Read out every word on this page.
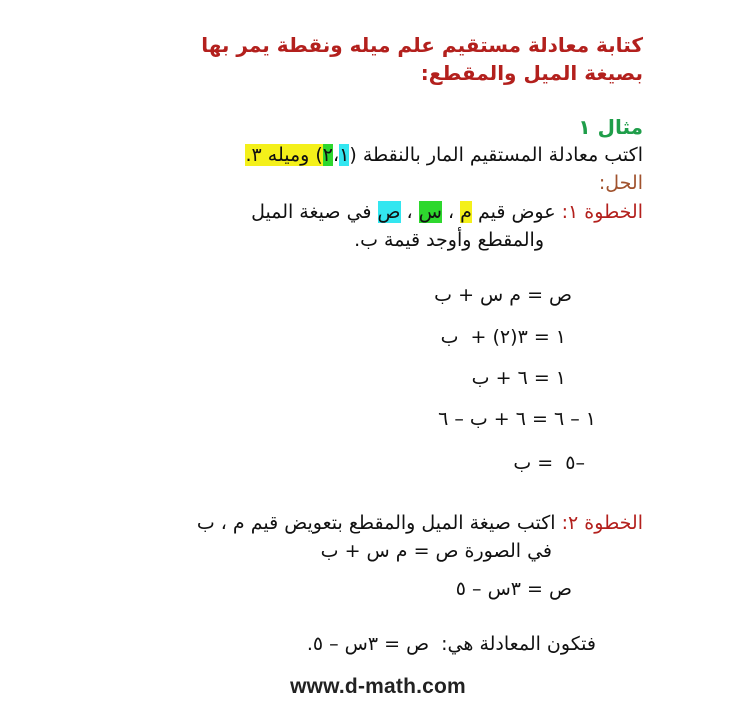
كتابة معادلة مستقيم علم ميله ونقطة يمر بها
بصيغة الميل والمقطع:
مثال ١
اكتب معادلة المستقيم المار بالنقطة (٢،١) وميله ٣.
الحل:
الخطوة ١: عوض قيم م ، س ، ص في صيغة الميل
والمقطع وأوجد قيمة ب.
ص = م س + ب
١ = ٣(٢) +  ب
١ = ٦ + ب
١ – ٦ = ٦ + ب – ٦
–٥  = ب
الخطوة ٢: اكتب صيغة الميل والمقطع بتعويض قيم م ، ب
في الصورة ص = م س + ب
ص = ٣س – ٥
فتكون المعادلة هي:  ص = ٣س – ٥.
www.d-math.com
